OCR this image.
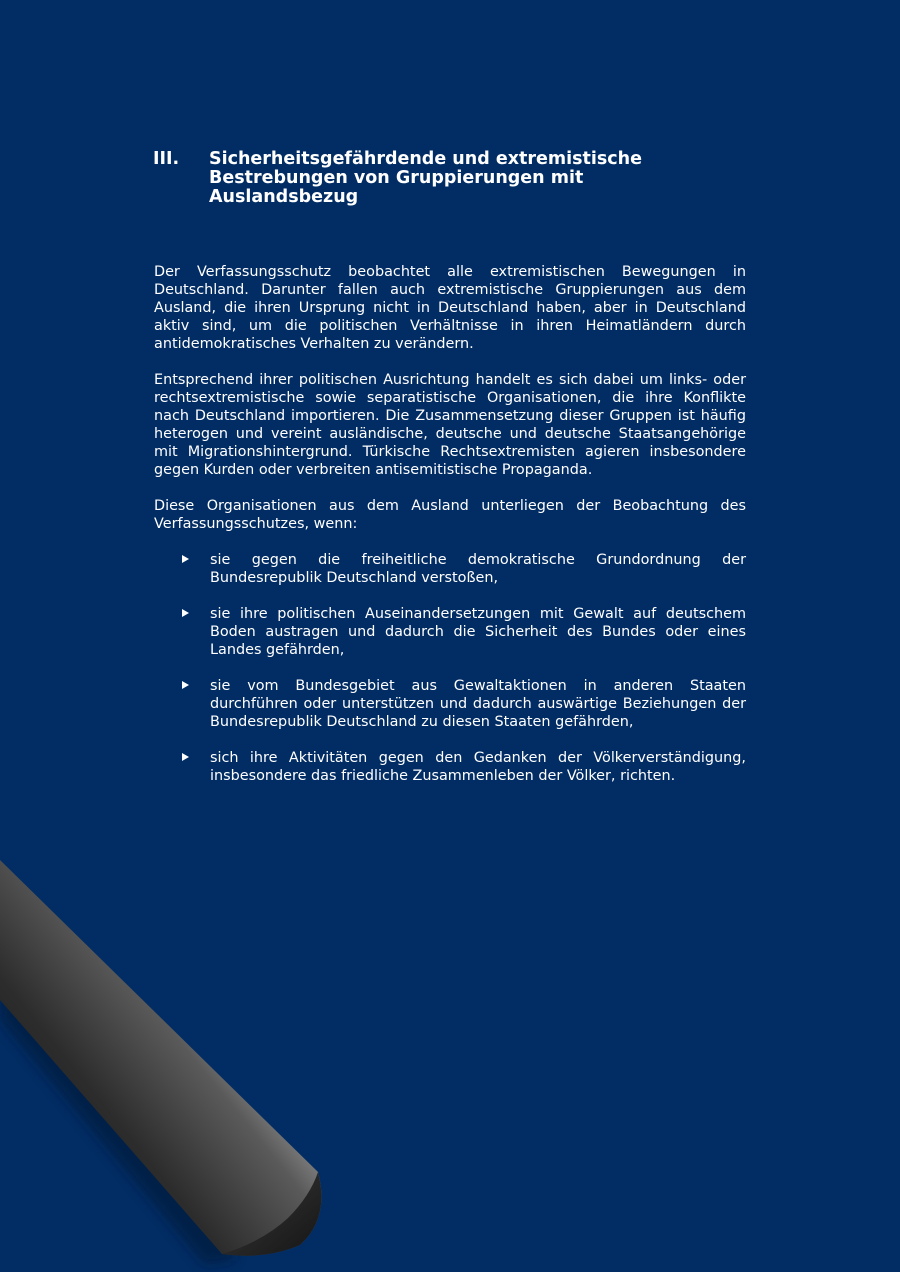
III.	Sicherheitsgefährdende und extremistische Bestrebungen von Gruppierungen mit Auslandsbezug

Der Verfassungsschutz beobachtet alle extremistischen Bewegungen in Deutschland. Darunter fallen auch extremistische Gruppierungen aus dem Ausland, die ihren Ursprung nicht in Deutschland haben, aber in Deutschland aktiv sind, um die politischen Verhältnisse in ihren Heimatländern durch antidemokratisches Verhalten zu verändern.

Entsprechend ihrer politischen Ausrichtung handelt es sich dabei um links- oder rechtsextremistische sowie separatistische Organisationen, die ihre Konflikte nach Deutschland importieren. Die Zusammensetzung dieser Gruppen ist häufig heterogen und vereint ausländische, deutsche und deutsche Staatsangehörige mit Migrationshintergrund. Türkische Rechtsextremisten agieren insbesondere gegen Kurden oder verbreiten antisemitistische Propaganda.

Diese Organisationen aus dem Ausland unterliegen der Beobachtung des Verfassungsschutzes, wenn:

sie gegen die freiheitliche demokratische Grundordnung der Bundesrepublik Deutschland verstoßen,
sie ihre politischen Auseinandersetzungen mit Gewalt auf deutschem Boden austragen und dadurch die Sicherheit des Bundes oder eines Landes gefährden,
sie vom Bundesgebiet aus Gewaltaktionen in anderen Staaten durchführen oder unterstützen und dadurch auswärtige Beziehungen der Bundesrepublik Deutschland zu diesen Staaten gefährden,
sich ihre Aktivitäten gegen den Gedanken der Völkerverständigung, insbesondere das friedliche Zusammenleben der Völker, richten.
